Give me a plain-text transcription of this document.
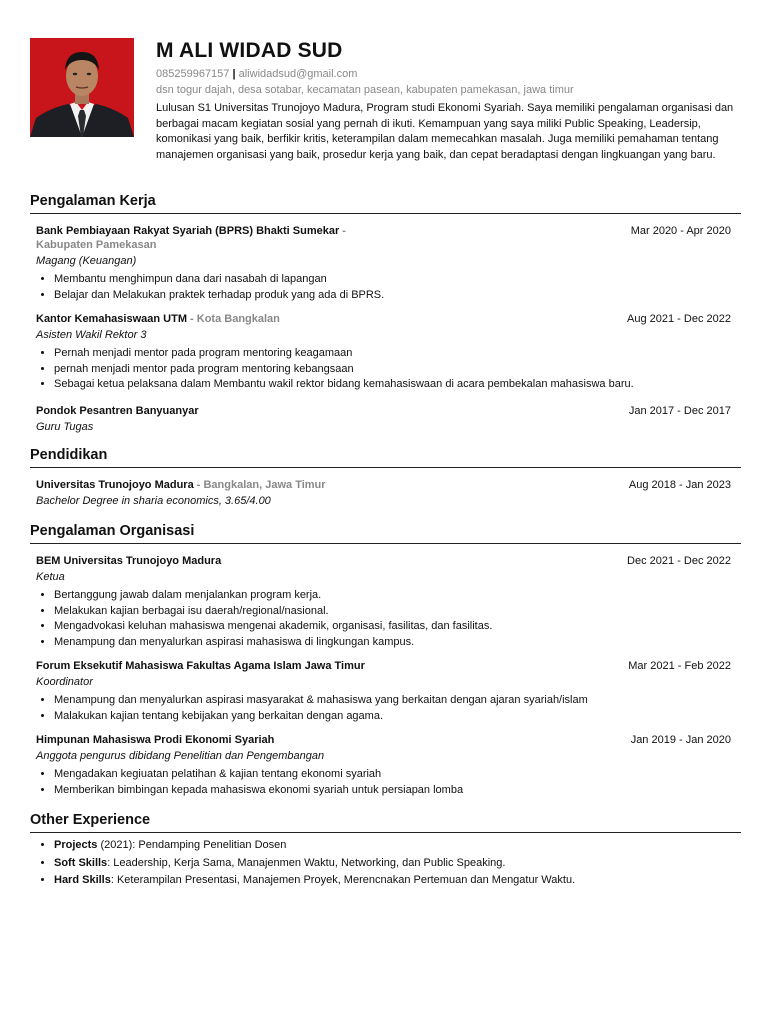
M ALI WIDAD SUD
085259967157 | aliwidadsud@gmail.com
dsn togur dajah, desa sotabar, kecamatan pasean, kabupaten pamekasan, jawa timur
Lulusan S1 Universitas Trunojoyo Madura, Program studi Ekonomi Syariah. Saya memiliki pengalaman organisasi dan berbagai macam kegiatan sosial yang pernah di ikuti. Kemampuan yang saya miliki Public Speaking, Leadersip, komonikasi yang baik, berfikir kritis, keterampilan dalam memecahkan masalah. Juga memiliki pemahaman tentang manajemen organisasi yang baik, prosedur kerja yang baik, dan cepat beradaptasi dengan lingkuangan yang baru.
Pengalaman Kerja
Bank Pembiayaan Rakyat Syariah (BPRS) Bhakti Sumekar -
Kabupaten Pamekasan
Mar 2020 - Apr 2020
Magang (Keuangan)
• Membantu menghimpun dana dari nasabah di lapangan
• Belajar dan Melakukan praktek terhadap produk yang ada di BPRS.
Kantor Kemahasiswaan UTM - Kota Bangkalan	Aug 2021 - Dec 2022
Asisten Wakil Rektor 3
• Pernah menjadi mentor pada program mentoring keagamaan
• pernah menjadi mentor pada program mentoring kebangsaan
• Sebagai ketua pelaksana dalam Membantu wakil rektor bidang kemahasiswaan di acara pembekalan mahasiswa baru.
Pondok Pesantren Banyuanyar	Jan 2017 - Dec 2017
Guru Tugas
Pendidikan
Universitas Trunojoyo Madura - Bangkalan, Jawa Timur	Aug 2018 - Jan 2023
Bachelor Degree in sharia economics, 3.65/4.00
Pengalaman Organisasi
BEM Universitas Trunojoyo Madura	Dec 2021 - Dec 2022
Ketua
• Bertanggung jawab dalam menjalankan program kerja.
• Melakukan kajian berbagai isu daerah/regional/nasional.
• Mengadvokasi keluhan mahasiswa mengenai akademik, organisasi, fasilitas, dan fasilitas.
• Menampung dan menyalurkan aspirasi mahasiswa di lingkungan kampus.
Forum Eksekutif Mahasiswa Fakultas Agama Islam Jawa Timur	Mar 2021 - Feb 2022
Koordinator
• Menampung dan menyalurkan aspirasi masyarakat & mahasiswa yang berkaitan dengan ajaran syariah/islam
• Malakukan kajian tentang kebijakan yang berkaitan dengan agama.
Himpunan Mahasiswa Prodi Ekonomi Syariah	Jan 2019 - Jan 2020
Anggota pengurus dibidang Penelitian dan Pengembangan
• Mengadakan kegiuatan pelatihan & kajian tentang ekonomi syariah
• Memberikan bimbingan kepada mahasiswa ekonomi syariah untuk persiapan lomba
Other Experience
• Projects (2021): Pendamping Penelitian Dosen
• Soft Skills: Leadership, Kerja Sama, Manajenmen Waktu, Networking, dan Public Speaking.
• Hard Skills: Keterampilan Presentasi, Manajemen Proyek, Merencnakan Pertemuan dan Mengatur Waktu.
